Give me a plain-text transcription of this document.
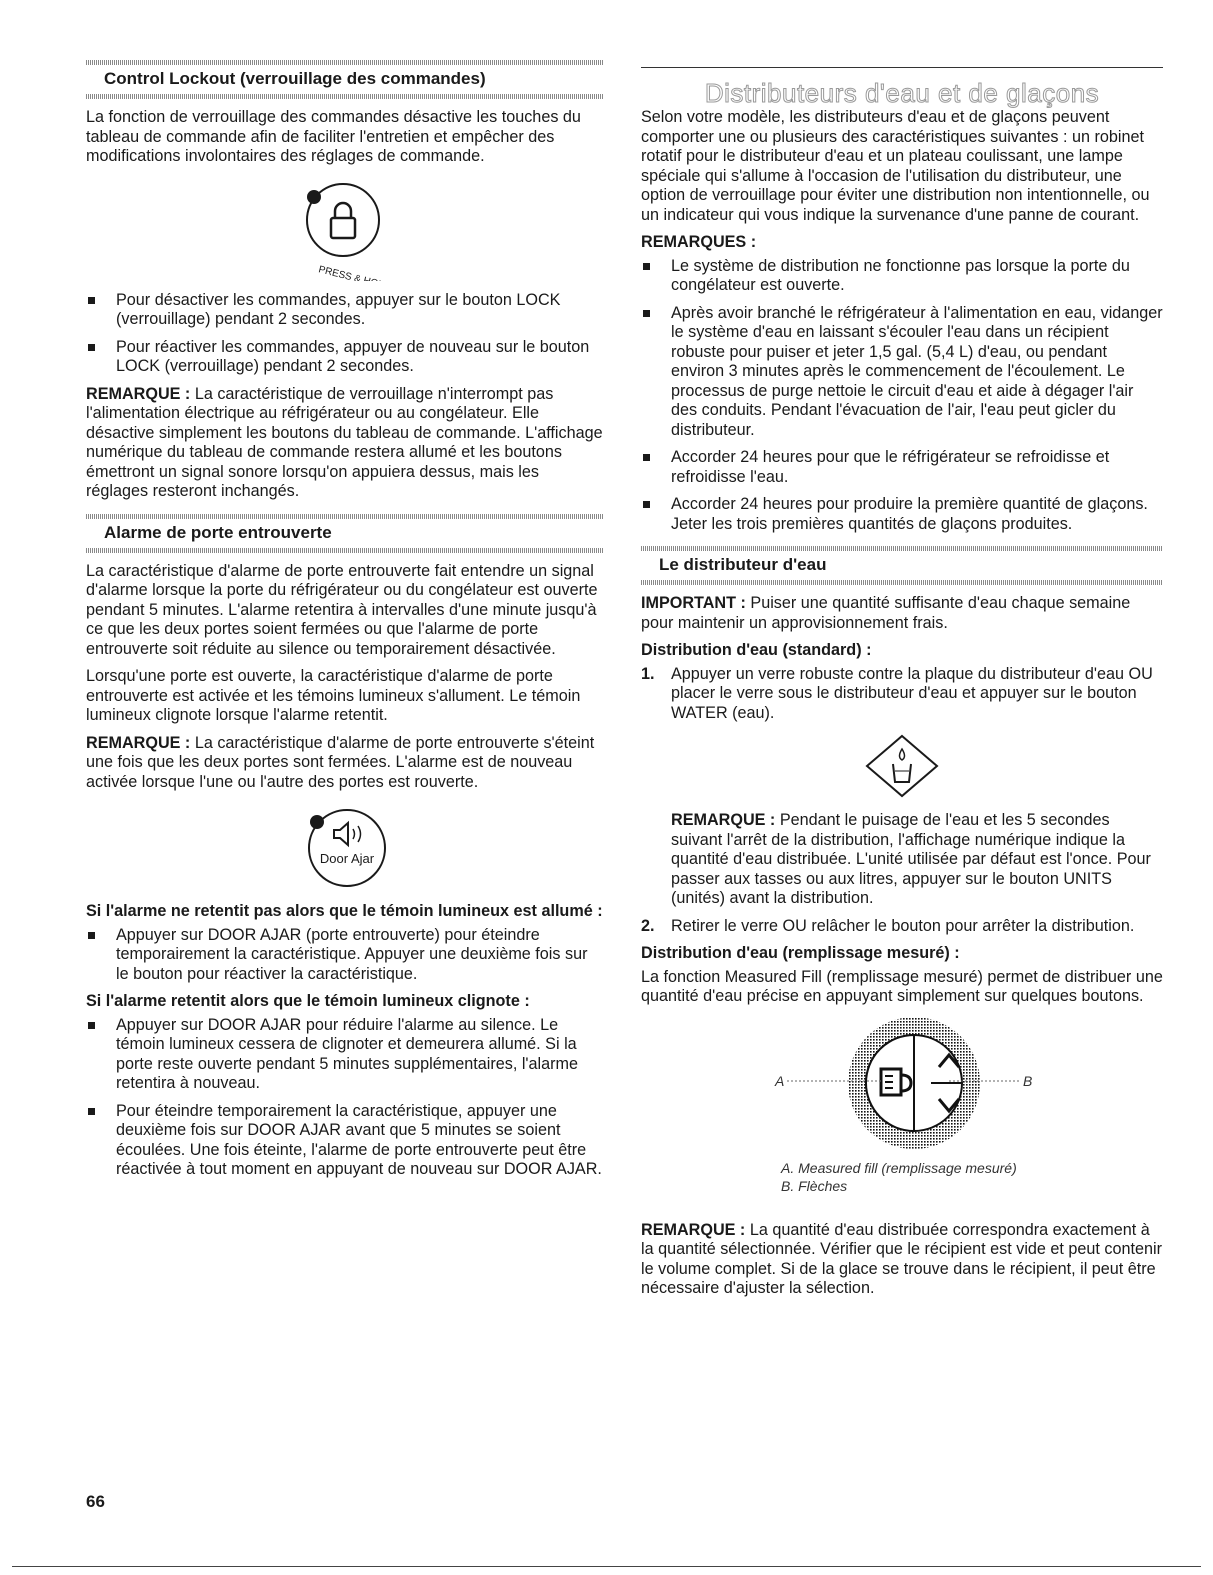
Control Lockout (verrouillage des commandes)

La fonction de verrouillage des commandes désactive les touches du tableau de commande afin de faciliter l'entretien et empêcher des modifications involontaires des réglages de commande.

PRESS & HOLD
Pour désactiver les commandes, appuyer sur le bouton LOCK (verrouillage) pendant 2 secondes.
Pour réactiver les commandes, appuyer de nouveau sur le bouton LOCK (verrouillage) pendant 2 secondes.

REMARQUE : La caractéristique de verrouillage n'interrompt pas l'alimentation électrique au réfrigérateur ou au congélateur. Elle désactive simplement les boutons du tableau de commande. L'affichage numérique du tableau de commande restera allumé et les boutons émettront un signal sonore lorsqu'on appuiera dessus, mais les réglages resteront inchangés.

Alarme de porte entrouverte

La caractéristique d'alarme de porte entrouverte fait entendre un signal d'alarme lorsque la porte du réfrigérateur ou du congélateur est ouverte pendant 5 minutes. L'alarme retentira à intervalles d'une minute jusqu'à ce que les deux portes soient fermées ou que l'alarme de porte entrouverte soit réduite au silence ou temporairement désactivée.

Lorsqu'une porte est ouverte, la caractéristique d'alarme de porte entrouverte est activée et les témoins lumineux s'allument. Le témoin lumineux clignote lorsque l'alarme retentit.

REMARQUE : La caractéristique d'alarme de porte entrouverte s'éteint une fois que les deux portes sont fermées. L'alarme est de nouveau activée lorsque l'une ou l'autre des portes est rouverte.

Door Ajar

Si l'alarme ne retentit pas alors que le témoin lumineux est allumé :

Appuyer sur DOOR AJAR (porte entrouverte) pour éteindre temporairement la caractéristique. Appuyer une deuxième fois sur le bouton pour réactiver la caractéristique.

Si l'alarme retentit alors que le témoin lumineux clignote :

Appuyer sur DOOR AJAR pour réduire l'alarme au silence. Le témoin lumineux cessera de clignoter et demeurera allumé. Si la porte reste ouverte pendant 5 minutes supplémentaires, l'alarme retentira à nouveau.
Pour éteindre temporairement la caractéristique, appuyer une deuxième fois sur DOOR AJAR avant que 5 minutes se soient écoulées. Une fois éteinte, l'alarme de porte entrouverte peut être réactivée à tout moment en appuyant de nouveau sur DOOR AJAR.
Distributeurs d'eau et de glaçons

Selon votre modèle, les distributeurs d'eau et de glaçons peuvent comporter une ou plusieurs des caractéristiques suivantes : un robinet rotatif pour le distributeur d'eau et un plateau coulissant, une lampe spéciale qui s'allume à l'occasion de l'utilisation du distributeur, une option de verrouillage pour éviter une distribution non intentionnelle, ou un indicateur qui vous indique la survenance d'une panne de courant.

REMARQUES :

Le système de distribution ne fonctionne pas lorsque la porte du congélateur est ouverte.
Après avoir branché le réfrigérateur à l'alimentation en eau, vidanger le système d'eau en laissant s'écouler l'eau dans un récipient robuste pour puiser et jeter 1,5 gal. (5,4 L) d'eau, ou pendant environ 3 minutes après le commencement de l'écoulement. Le processus de purge nettoie le circuit d'eau et aide à dégager l'air des conduits. Pendant l'évacuation de l'air, l'eau peut gicler du distributeur.
Accorder 24 heures pour que le réfrigérateur se refroidisse et refroidisse l'eau.
Accorder 24 heures pour produire la première quantité de glaçons. Jeter les trois premières quantités de glaçons produites.
Le distributeur d'eau

IMPORTANT : Puiser une quantité suffisante d'eau chaque semaine pour maintenir un approvisionnement frais.

Distribution d'eau (standard) :

1. Appuyer un verre robuste contre la plaque du distributeur d'eau OU placer le verre sous le distributeur d'eau et appuyer sur le bouton WATER (eau).

REMARQUE : Pendant le puisage de l'eau et les 5 secondes suivant l'arrêt de la distribution, l'affichage numérique indique la quantité d'eau distribuée. L'unité utilisée par défaut est l'once. Pour passer aux tasses ou aux litres, appuyer sur le bouton UNITS (unités) avant la distribution.

2. Retirer le verre OU relâcher le bouton pour arrêter la distribution.

Distribution d'eau (remplissage mesuré) :

La fonction Measured Fill (remplissage mesuré) permet de distribuer une quantité d'eau précise en appuyant simplement sur quelques boutons.

A	B
A. Measured fill (remplissage mesuré)
B. Flèches

REMARQUE : La quantité d'eau distribuée correspondra exactement à la quantité sélectionnée. Vérifier que le récipient est vide et peut contenir le volume complet. Si de la glace se trouve dans le récipient, il peut être nécessaire d'ajuster la sélection.

66
